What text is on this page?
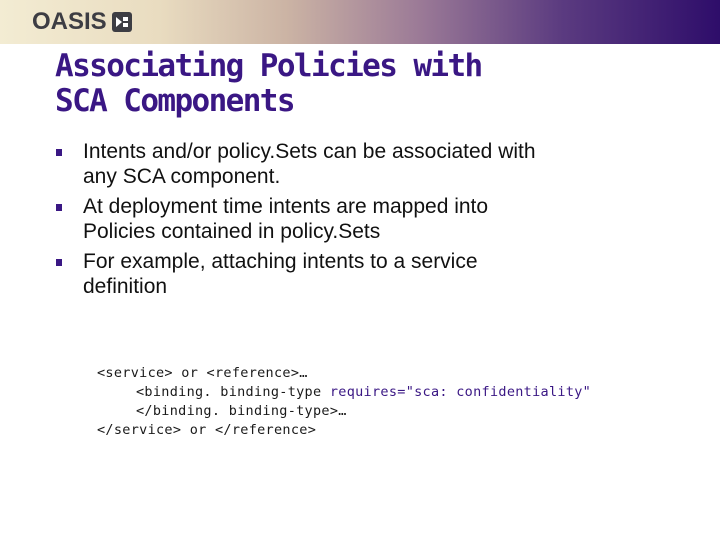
OASIS
Associating Policies with
SCA Components
Intents and/or policy.Sets can be associated with
any SCA component.
At deployment time intents are mapped into
Policies contained in policy.Sets
For example, attaching intents to a service
definition
<service> or <reference>…
<binding. binding-type requires="sca: confidentiality"
</binding. binding-type>…
</service> or </reference>
